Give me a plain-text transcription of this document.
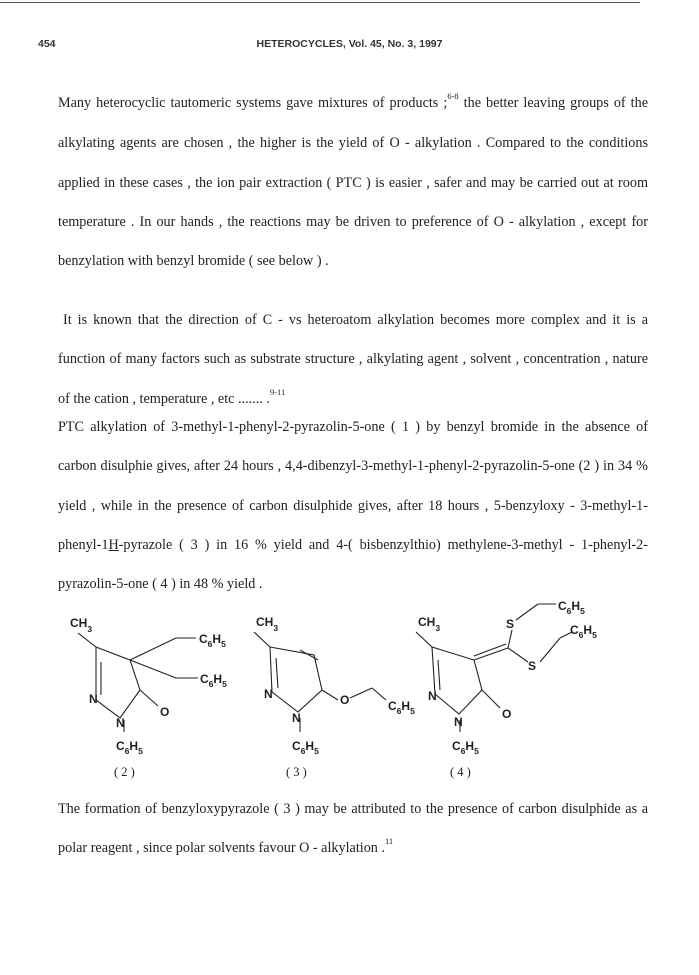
454	HETEROCYCLES, Vol. 45, No. 3, 1997

Many heterocyclic tautomeric systems gave mixtures of products ;$^{6-8}$ the better leaving groups of the alkylating agents are chosen , the higher is the yield of O - alkylation . Compared to the conditions applied in these cases , the ion pair extraction ( PTC ) is easier , safer and may be carried out at room temperature . In our hands , the reactions may be driven to preference of O - alkylation , except for benzylation with benzyl bromide ( see below ) .

It is known that the direction of C - vs heteroatom alkylation becomes more complex and it is a function of many factors such as substrate structure , alkylating agent , solvent , concentration , nature of the cation , temperature , etc ....... .$^{9-11}$

PTC alkylation of 3-methyl-1-phenyl-2-pyrazolin-5-one ( 1 ) by benzyl bromide in the absence of carbon disulphie gives, after 24 hours , 4,4-dibenzyl-3-methyl-1-phenyl-2-pyrazolin-5-one (2 ) in 34 % yield , while in the presence of carbon disulphide gives, after 18 hours , 5-benzyloxy - 3-methyl-1-phenyl-1H-pyrazole ( 3 ) in 16 % yield and 4-( bisbenzylthio) methylene-3-methyl - 1-phenyl-2-pyrazolin-5-one ( 4 ) in 48 % yield .

$CH_3$
$C_6H_5$
$C_6H_5$
N
N
O
$C_6H_5$
( 2 )
$CH_3$
N
N
O	$C_6H_5$
$C_6H_5$
( 3 )
$CH_3$	S
S
$C_6H_5$
$C_6H_5$
N
N
O
$C_6H_5$
( 4 )

The formation of benzyloxypyrazole ( 3 ) may be attributed to the presence of carbon disulphide as a polar reagent , since polar solvents favour O - alkylation .$^{11}$
